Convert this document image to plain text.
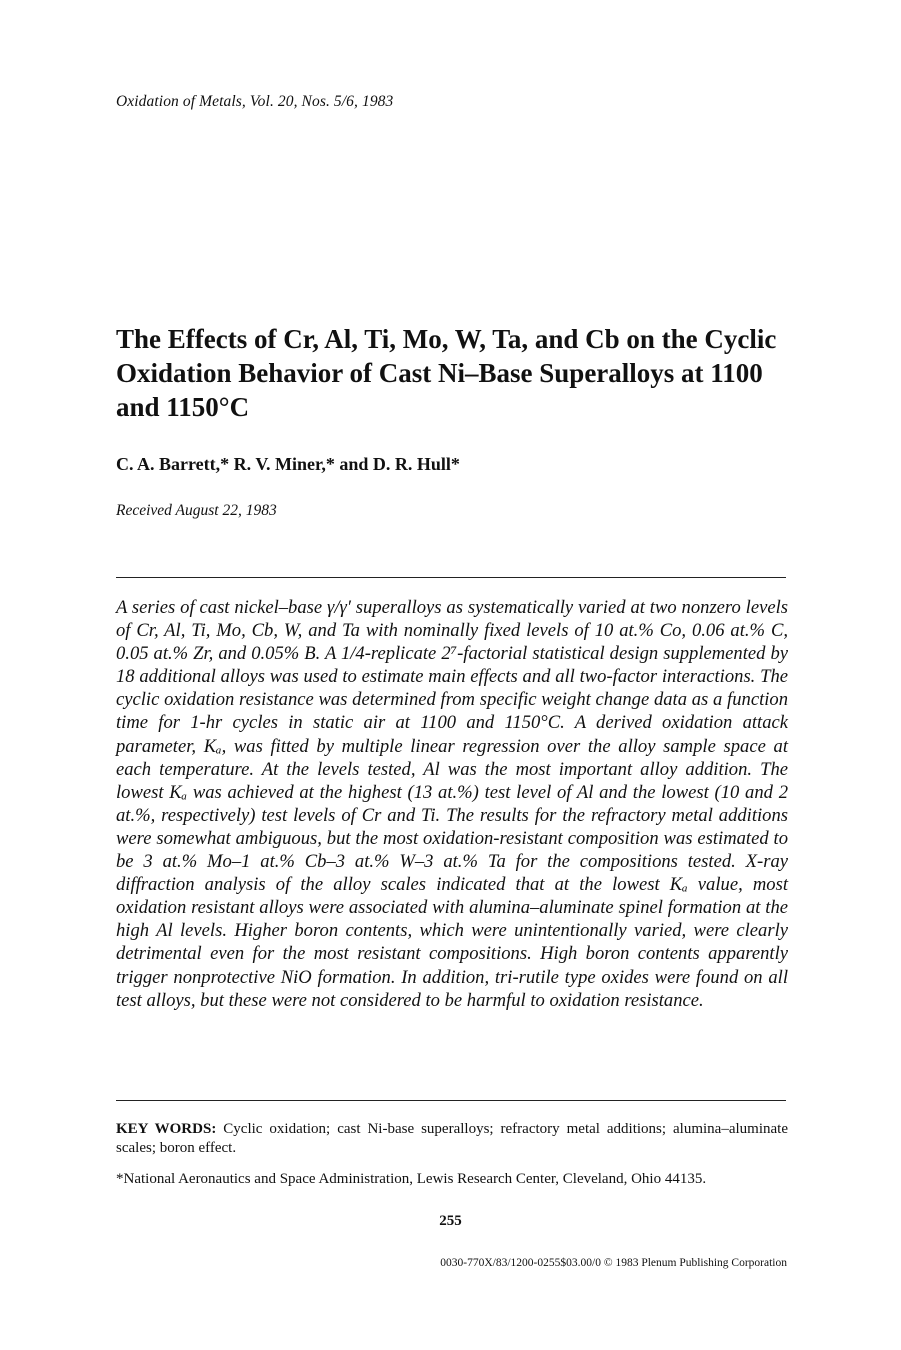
Oxidation of Metals, Vol. 20, Nos. 5/6, 1983
The Effects of Cr, Al, Ti, Mo, W, Ta, and Cb on the Cyclic Oxidation Behavior of Cast Ni–Base Superalloys at 1100 and 1150°C
C. A. Barrett,* R. V. Miner,* and D. R. Hull*
Received August 22, 1983

A series of cast nickel–base γ/γ′ superalloys as systematically varied at two nonzero levels of Cr, Al, Ti, Mo, Cb, W, and Ta with nominally fixed levels of 10 at.% Co, 0.06 at.% C, 0.05 at.% Zr, and 0.05% B. A 1/4-replicate 2⁷-factorial statistical design supplemented by 18 additional alloys was used to estimate main effects and all two-factor interactions. The cyclic oxidation resistance was determined from specific weight change data as a function time for 1-hr cycles in static air at 1100 and 1150°C. A derived oxidation attack parameter, Kₐ, was fitted by multiple linear regression over the alloy sample space at each temperature. At the levels tested, Al was the most important alloy addition. The lowest Kₐ was achieved at the highest (13 at.%) test level of Al and the lowest (10 and 2 at.%, respectively) test levels of Cr and Ti. The results for the refractory metal additions were somewhat ambiguous, but the most oxidation-resistant composition was estimated to be 3 at.% Mo–1 at.% Cb–3 at.% W–3 at.% Ta for the compositions tested. X-ray diffraction analysis of the alloy scales indicated that at the lowest Kₐ value, most oxidation resistant alloys were associated with alumina–aluminate spinel formation at the high Al levels. Higher boron contents, which were unintentionally varied, were clearly detrimental even for the most resistant compositions. High boron contents apparently trigger nonprotective NiO formation. In addition, tri-rutile type oxides were found on all test alloys, but these were not considered to be harmful to oxidation resistance.

KEY WORDS: Cyclic oxidation; cast Ni-base superalloys; refractory metal additions; alumina–aluminate scales; boron effect.

*National Aeronautics and Space Administration, Lewis Research Center, Cleveland, Ohio 44135.

255
0030-770X/83/1200-0255$03.00/0 © 1983 Plenum Publishing Corporation
